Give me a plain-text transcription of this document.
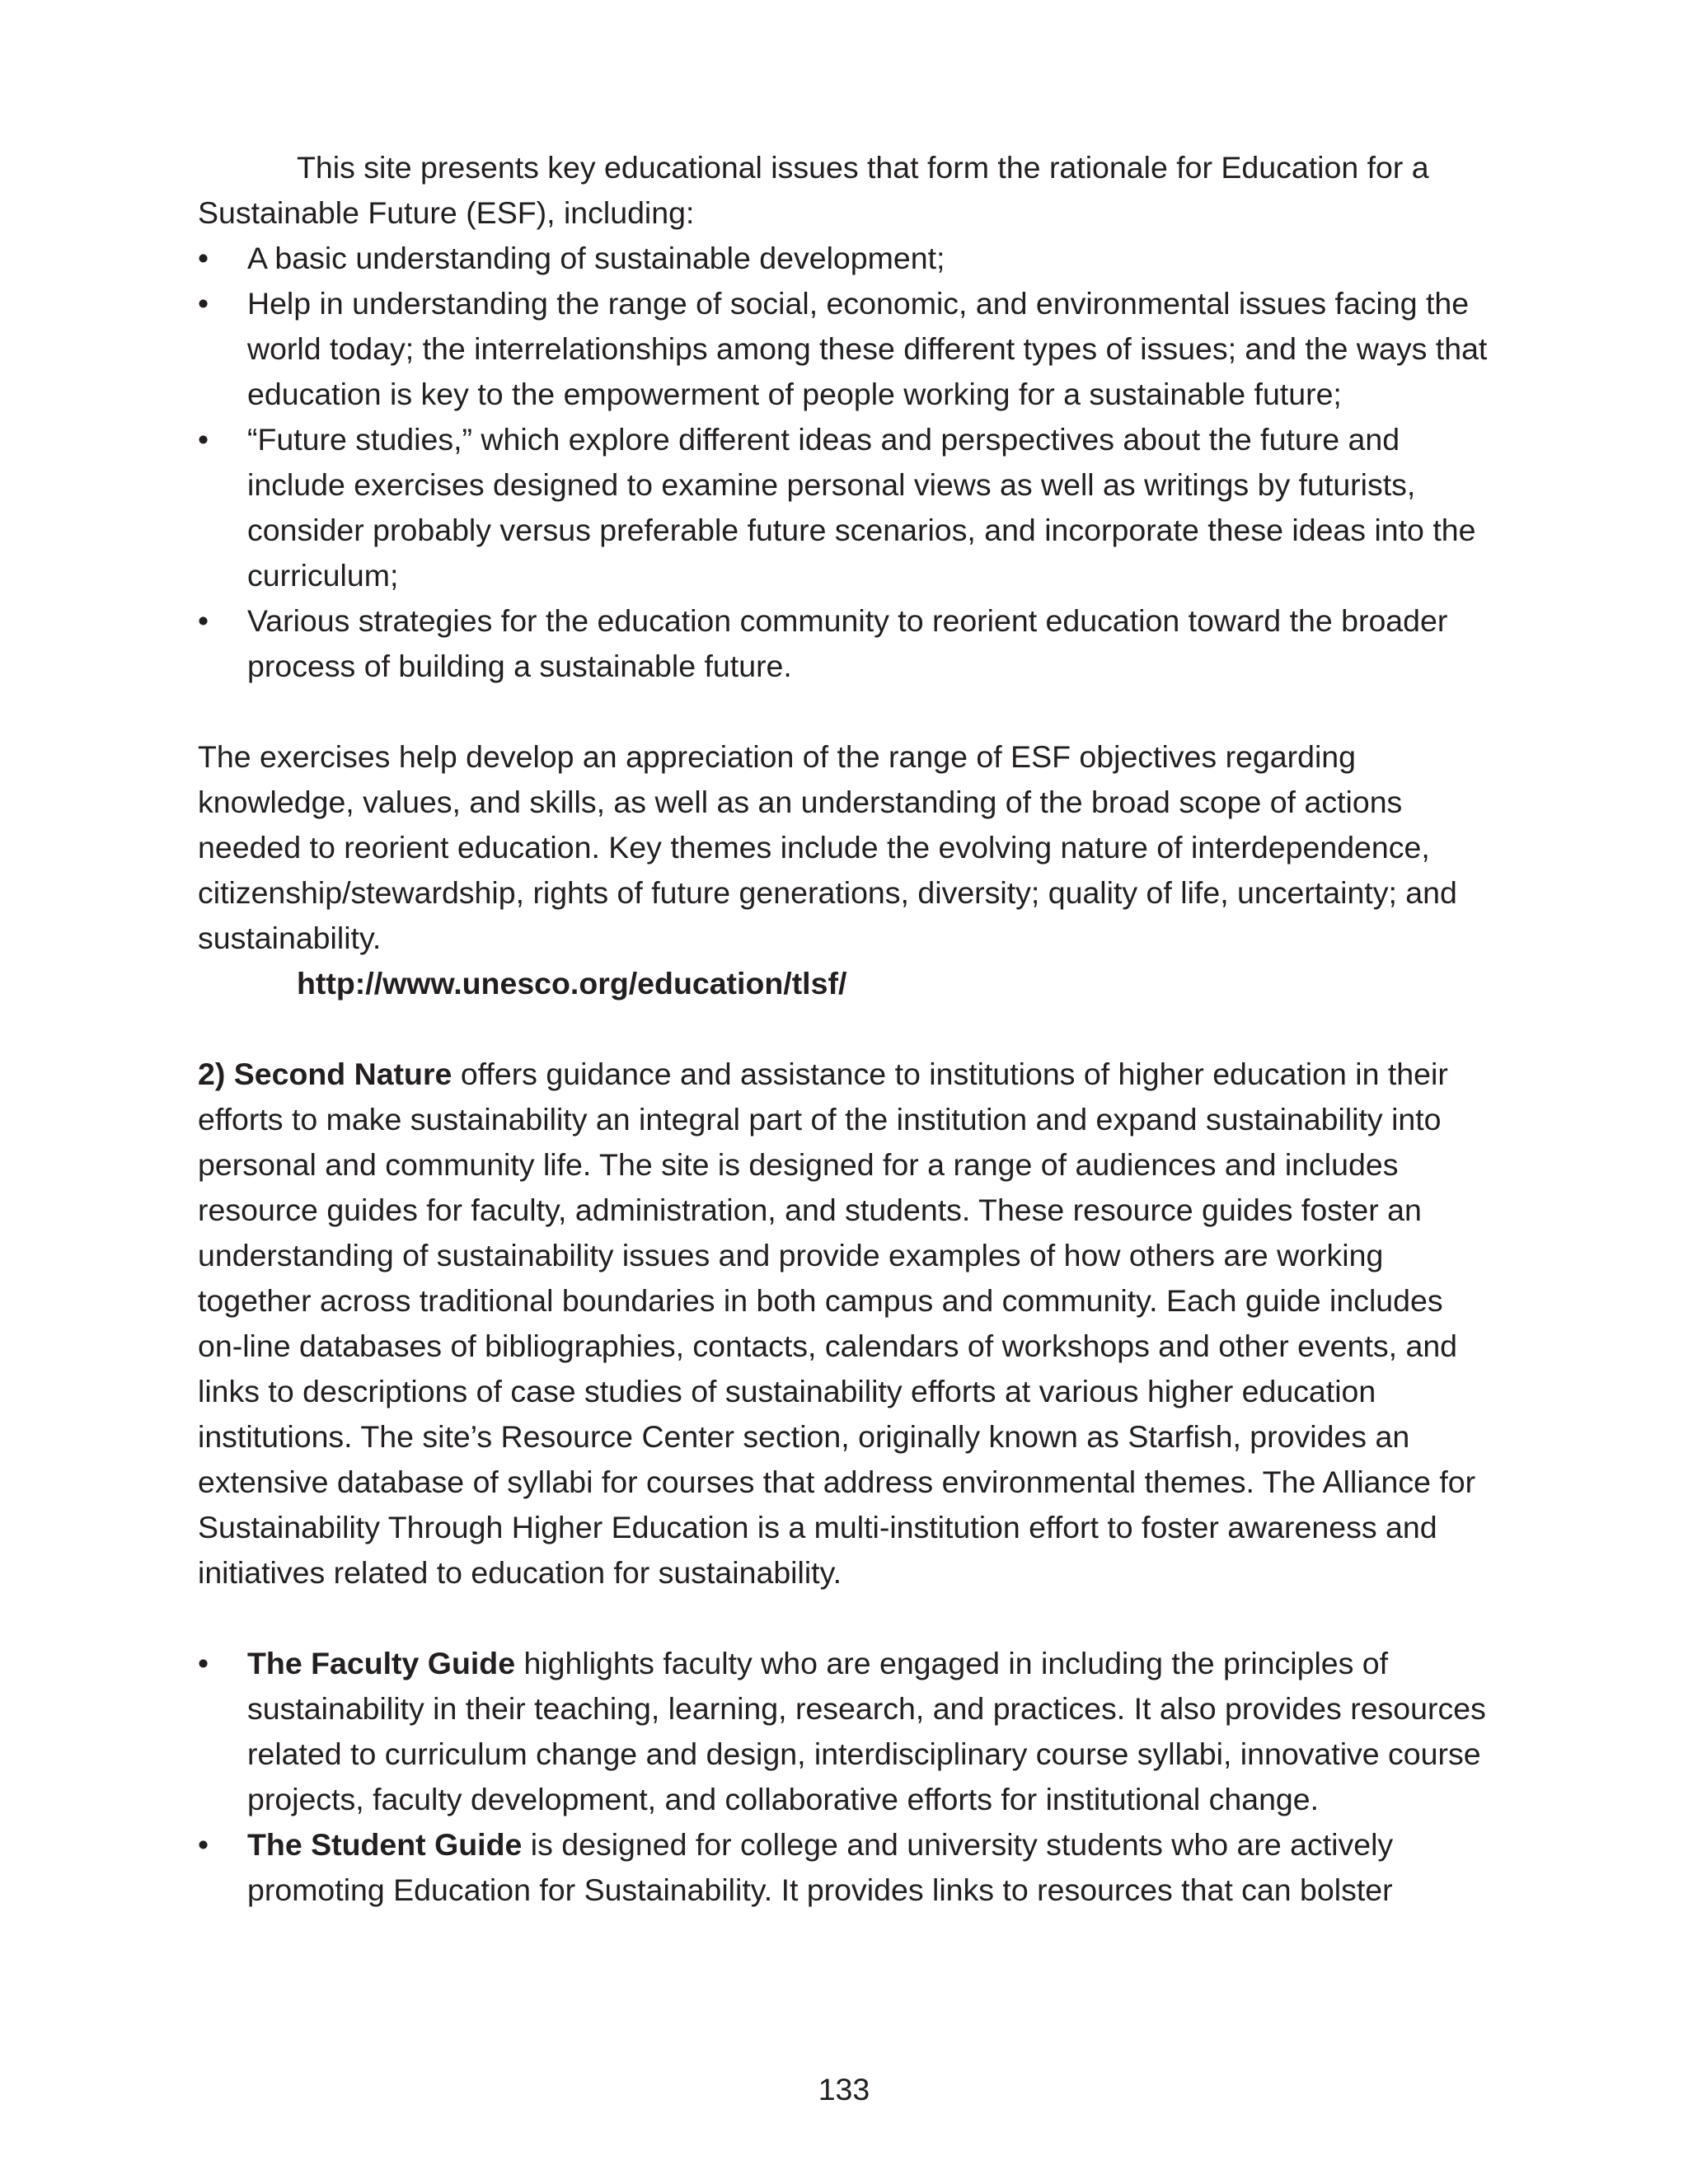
This site presents key educational issues that form the rationale for Education for a Sustainable Future (ESF), including:

• A basic understanding of sustainable development;
• Help in understanding the range of social, economic, and environmental issues facing the world today; the interrelationships among these different types of issues; and the ways that education is key to the empowerment of people working for a sustainable future;
• “Future studies,” which explore different ideas and perspectives about the future and include exercises designed to examine personal views as well as writings by futurists, consider probably versus preferable future scenarios, and incorporate these ideas into the curriculum;
• Various strategies for the education community to reorient education toward the broader process of building a sustainable future.

The exercises help develop an appreciation of the range of ESF objectives regarding knowledge, values, and skills, as well as an understanding of the broad scope of actions needed to reorient education. Key themes include the evolving nature of interdependence, citizenship/stewardship, rights of future generations, diversity; quality of life, uncertainty; and sustainability.

http://www.unesco.org/education/tlsf/

2) Second Nature offers guidance and assistance to institutions of higher education in their efforts to make sustainability an integral part of the institution and expand sustainability into personal and community life. The site is designed for a range of audiences and includes resource guides for faculty, administration, and students. These resource guides foster an understanding of sustainability issues and provide examples of how others are working together across traditional boundaries in both campus and community. Each guide includes on-line databases of bibliographies, contacts, calendars of workshops and other events, and links to descriptions of case studies of sustainability efforts at various higher education institutions. The site’s Resource Center section, originally known as Starfish, provides an extensive database of syllabi for courses that address environmental themes. The Alliance for Sustainability Through Higher Education is a multi-institution effort to foster awareness and initiatives related to education for sustainability.

• The Faculty Guide highlights faculty who are engaged in including the principles of sustainability in their teaching, learning, research, and practices. It also provides resources related to curriculum change and design, interdisciplinary course syllabi, innovative course projects, faculty development, and collaborative efforts for institutional change.
• The Student Guide is designed for college and university students who are actively promoting Education for Sustainability. It provides links to resources that can bolster
133
